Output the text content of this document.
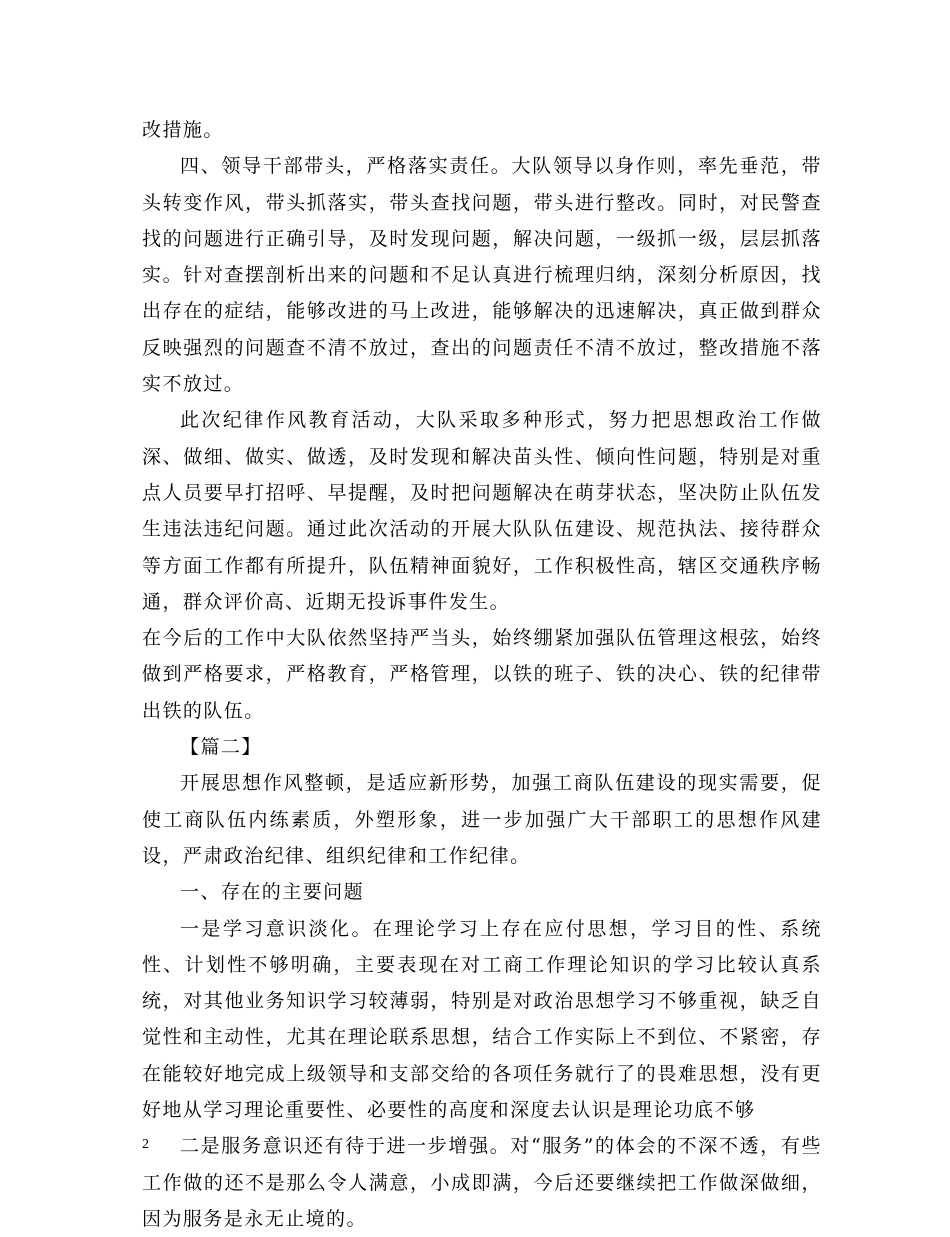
改措施。

四、领导干部带头，严格落实责任。大队领导以身作则，率先垂范，带头转变作风，带头抓落实，带头查找问题，带头进行整改。同时，对民警查找的问题进行正确引导，及时发现问题，解决问题，一级抓一级，层层抓落实。针对查摆剖析出来的问题和不足认真进行梳理归纳，深刻分析原因，找出存在的症结，能够改进的马上改进，能够解决的迅速解决，真正做到群众反映强烈的问题查不清不放过，查出的问题责任不清不放过，整改措施不落实不放过。

此次纪律作风教育活动，大队采取多种形式，努力把思想政治工作做深、做细、做实、做透，及时发现和解决苗头性、倾向性问题，特别是对重点人员要早打招呼、早提醒，及时把问题解决在萌芽状态，坚决防止队伍发生违法违纪问题。通过此次活动的开展大队队伍建设、规范执法、接待群众等方面工作都有所提升，队伍精神面貌好，工作积极性高，辖区交通秩序畅通，群众评价高、近期无投诉事件发生。

在今后的工作中大队依然坚持严当头，始终绷紧加强队伍管理这根弦，始终做到严格要求，严格教育，严格管理，以铁的班子、铁的决心、铁的纪律带出铁的队伍。

【篇二】

开展思想作风整顿，是适应新形势，加强工商队伍建设的现实需要，促使工商队伍内练素质，外塑形象，进一步加强广大干部职工的思想作风建设，严肃政治纪律、组织纪律和工作纪律。

一、存在的主要问题

一是学习意识淡化。在理论学习上存在应付思想，学习目的性、系统性、计划性不够明确，主要表现在对工商工作理论知识的学习比较认真系统，对其他业务知识学习较薄弱，特别是对政治思想学习不够重视，缺乏自觉性和主动性，尤其在理论联系思想，结合工作实际上不到位、不紧密，存在能较好地完成上级领导和支部交给的各项任务就行了的畏难思想，没有更好地从学习理论重要性、必要性的高度和深度去认识是理论功底不够

二是服务意识还有待于进一步增强。对“服务”的体会的不深不透，有些工作做的还不是那么令人满意，小成即满，今后还要继续把工作做深做细，因为服务是永无止境的。

2
